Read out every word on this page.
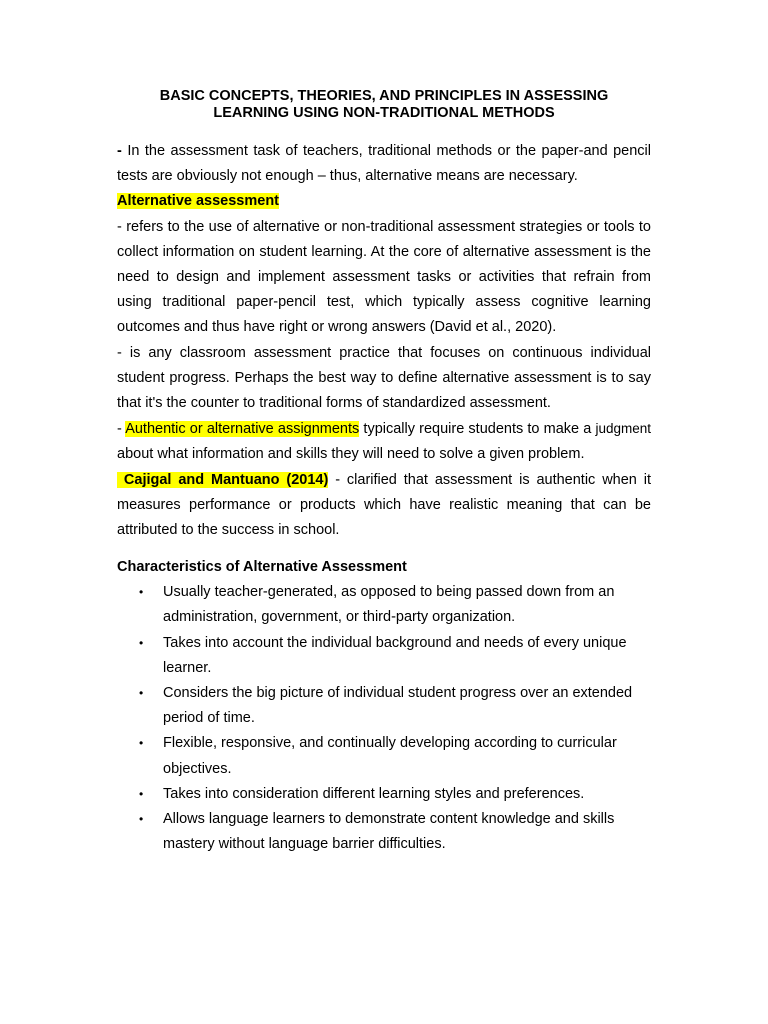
BASIC CONCEPTS, THEORIES, AND PRINCIPLES IN ASSESSING
LEARNING USING NON-TRADITIONAL METHODS

- In the assessment task of teachers, traditional methods or the paper-and pencil tests are obviously not enough – thus, alternative means are necessary.

Alternative assessment

- refers to the use of alternative or non-traditional assessment strategies or tools to collect information on student learning. At the core of alternative assessment is the need to design and implement assessment tasks or activities that refrain from using traditional paper-pencil test, which typically assess cognitive learning outcomes and thus have right or wrong answers (David et al., 2020).

- is any classroom assessment practice that focuses on continuous individual student progress. Perhaps the best way to define alternative assessment is to say that it's the counter to traditional forms of standardized assessment.

- Authentic or alternative assignments typically require students to make a judgment about what information and skills they will need to solve a given problem.

Cajigal and Mantuano (2014) - clarified that assessment is authentic when it measures performance or products which have realistic meaning that can be attributed to the success in school.

Characteristics of Alternative Assessment
• Usually teacher-generated, as opposed to being passed down from an administration, government, or third-party organization.
• Takes into account the individual background and needs of every unique learner.
• Considers the big picture of individual student progress over an extended period of time.
• Flexible, responsive, and continually developing according to curricular objectives.
• Takes into consideration different learning styles and preferences.
• Allows language learners to demonstrate content knowledge and skills mastery without language barrier difficulties.
